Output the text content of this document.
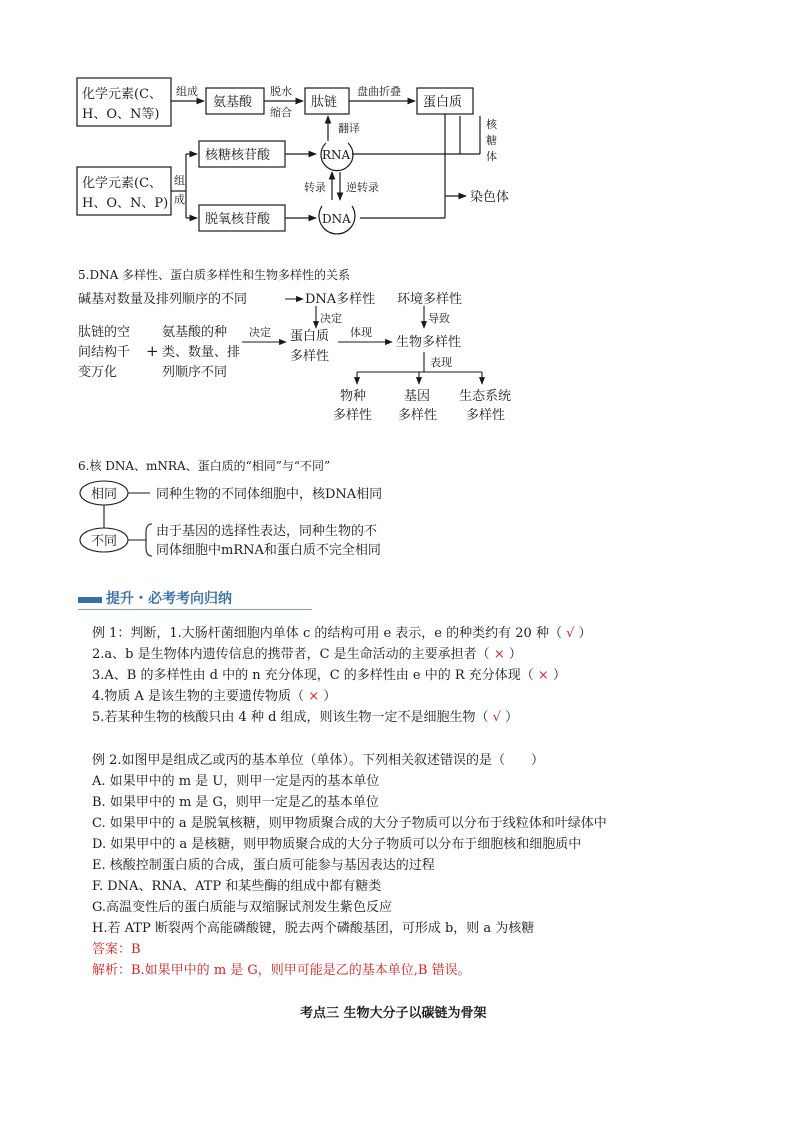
化学元素(C、
H、O、N等)
组成
氨基酸
脱水
缩合
肽链
盘曲折叠
蛋白质
翻译	核
糖
体
化学元素(C、
H、O、N、P)
组
成
核糖核苷酸	RNA
转录 逆转录
脱氧核苷酸	DNA
染色体
5.DNA 多样性、蛋白质多样性和生物多样性的关系
碱基对数量及排列顺序的不同	DNA多样性 环境多样性
决定	导致
肽链的空
间结构千
变万化
+
氨基酸的种
类、数量、排
列顺序不同
决定 蛋白质
多样性
体现
生物多样性
表现
物种
多样性
基因
多样性
生态系统
多样性
6.核 DNA、mNRA、蛋白质的“相同”与“不同”
相同	同种生物的不同体细胞中，核DNA相同
不同
由于基因的选择性表达，同种生物的不
同体细胞中mRNA和蛋白质不完全相同
提升・必考考向归纳
例 1：判断，1.大肠杆菌细胞内单体 c 的结构可用 e 表示，e 的种类约有 20 种（ √ ）
2.a、b 是生物体内遗传信息的携带者，C 是生命活动的主要承担者（ × ）
3.A、B 的多样性由 d 中的 n 充分体现，C 的多样性由 e 中的 R 充分体现（ × ）
4.物质 A 是该生物的主要遗传物质（ × ）
5.若某种生物的核酸只由 4 种 d 组成，则该生物一定不是细胞生物（ √ ）
例 2.如图甲是组成乙或丙的基本单位（单体）。下列相关叙述错误的是（　　）
A. 如果甲中的 m 是 U，则甲一定是丙的基本单位
B. 如果甲中的 m 是 G，则甲一定是乙的基本单位
C. 如果甲中的 a 是脱氧核糖，则甲物质聚合成的大分子物质可以分布于线粒体和叶绿体中
D. 如果甲中的 a 是核糖，则甲物质聚合成的大分子物质可以分布于细胞核和细胞质中
E. 核酸控制蛋白质的合成，蛋白质可能参与基因表达的过程
F. DNA、RNA、ATP 和某些酶的组成中都有糖类
G.高温变性后的蛋白质能与双缩脲试剂发生紫色反应
H.若 ATP 断裂两个高能磷酸键，脱去两个磷酸基团，可形成 b，则 a 为核糖
答案：B
解析：B.如果甲中的 m 是 G，则甲可能是乙的基本单位,B 错误。
考点三 生物大分子以碳链为骨架
